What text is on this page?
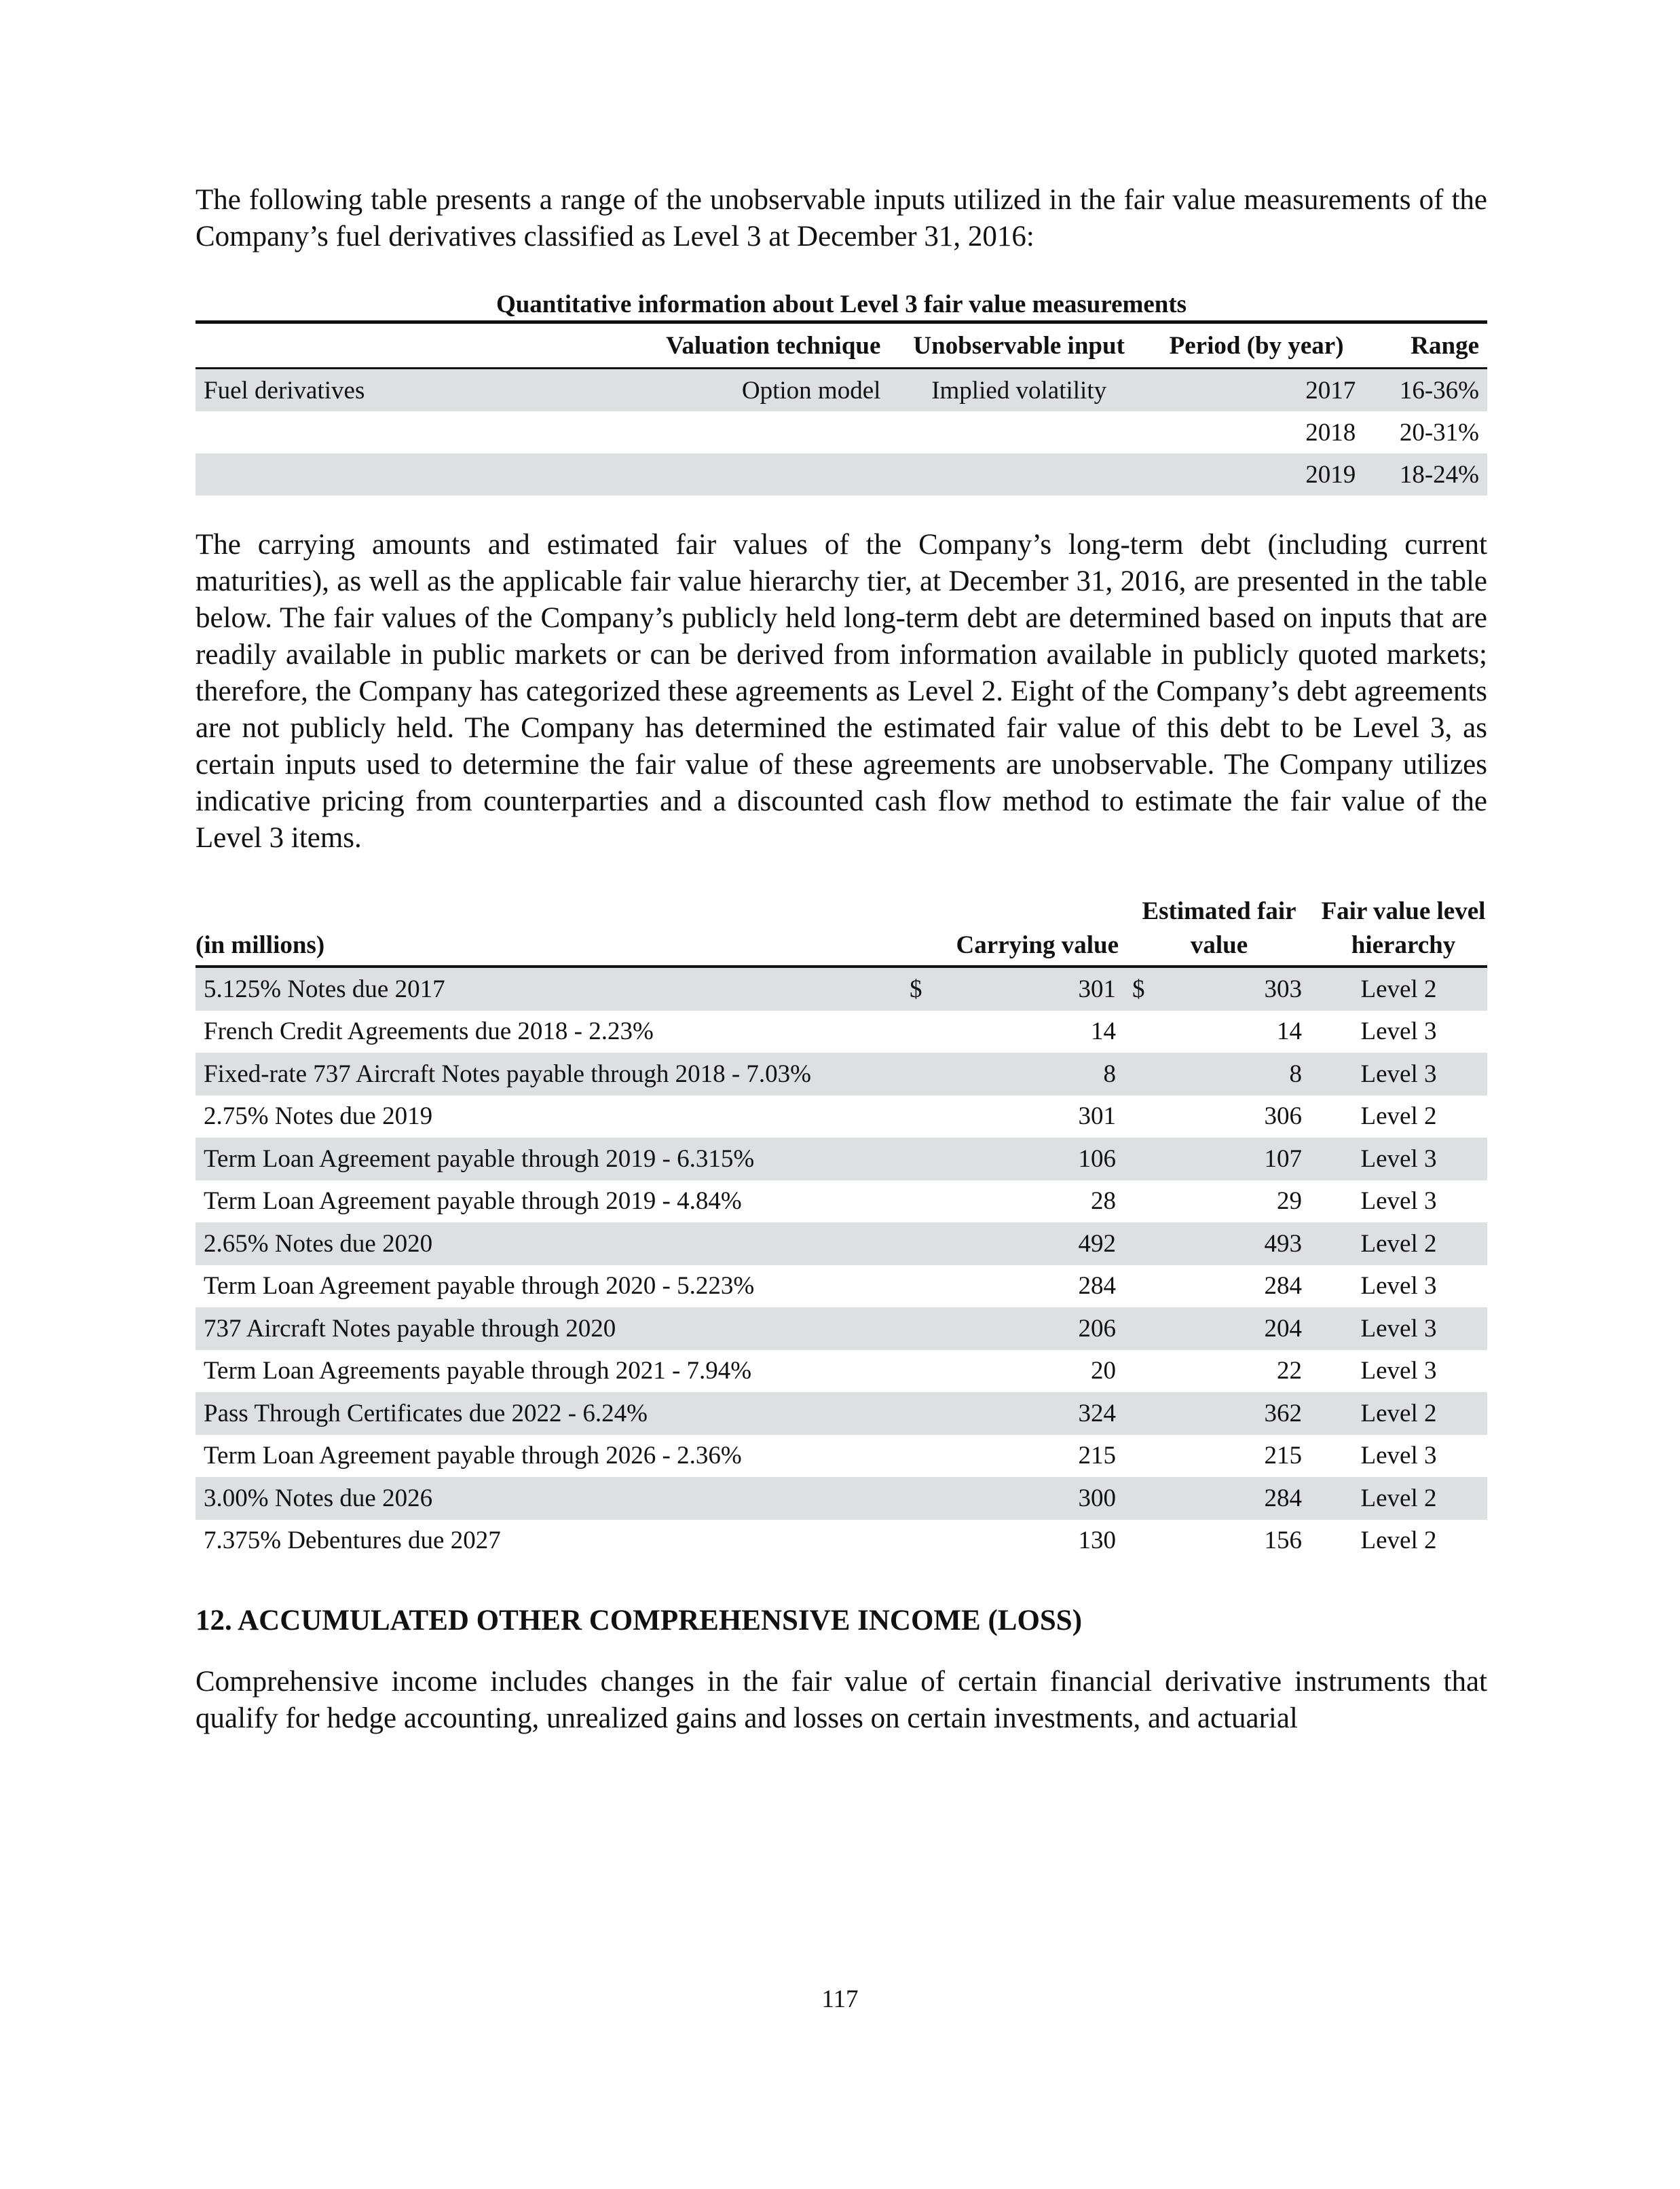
The following table presents a range of the unobservable inputs utilized in the fair value measurements of the Company’s fuel derivatives classified as Level 3 at December 31, 2016:

Quantitative information about Level 3 fair value measurements
	Valuation technique	Unobservable input	Period (by year)	Range
Fuel derivatives	Option model	Implied volatility	2017	16-36%
			2018	20-31%
			2019	18-24%

The carrying amounts and estimated fair values of the Company’s long-term debt (including current maturities), as well as the applicable fair value hierarchy tier, at December 31, 2016, are presented in the table below. The fair values of the Company’s publicly held long-term debt are determined based on inputs that are readily available in public markets or can be derived from information available in publicly quoted markets; therefore, the Company has categorized these agreements as Level 2. Eight of the Company’s debt agreements are not publicly held. The Company has determined the estimated fair value of this debt to be Level 3, as certain inputs used to determine the fair value of these agreements are unobservable. The Company utilizes indicative pricing from counterparties and a discounted cash flow method to estimate the fair value of the Level 3 items.

(in millions)	Carrying value	Estimated fair
value	Fair value level
hierarchy
5.125% Notes due 2017	$ 301	$ 303	Level 2
French Credit Agreements due 2018 - 2.23%	14	14	Level 3
Fixed-rate 737 Aircraft Notes payable through 2018 - 7.03%	8	8	Level 3
2.75% Notes due 2019	301	306	Level 2
Term Loan Agreement payable through 2019 - 6.315%	106	107	Level 3
Term Loan Agreement payable through 2019 - 4.84%	28	29	Level 3
2.65% Notes due 2020	492	493	Level 2
Term Loan Agreement payable through 2020 - 5.223%	284	284	Level 3
737 Aircraft Notes payable through 2020	206	204	Level 3
Term Loan Agreements payable through 2021 - 7.94%	20	22	Level 3
Pass Through Certificates due 2022 - 6.24%	324	362	Level 2
Term Loan Agreement payable through 2026 - 2.36%	215	215	Level 3
3.00% Notes due 2026	300	284	Level 2
7.375% Debentures due 2027	130	156	Level 2
12. ACCUMULATED OTHER COMPREHENSIVE INCOME (LOSS)

Comprehensive income includes changes in the fair value of certain financial derivative instruments that qualify for hedge accounting, unrealized gains and losses on certain investments, and actuarial

117
